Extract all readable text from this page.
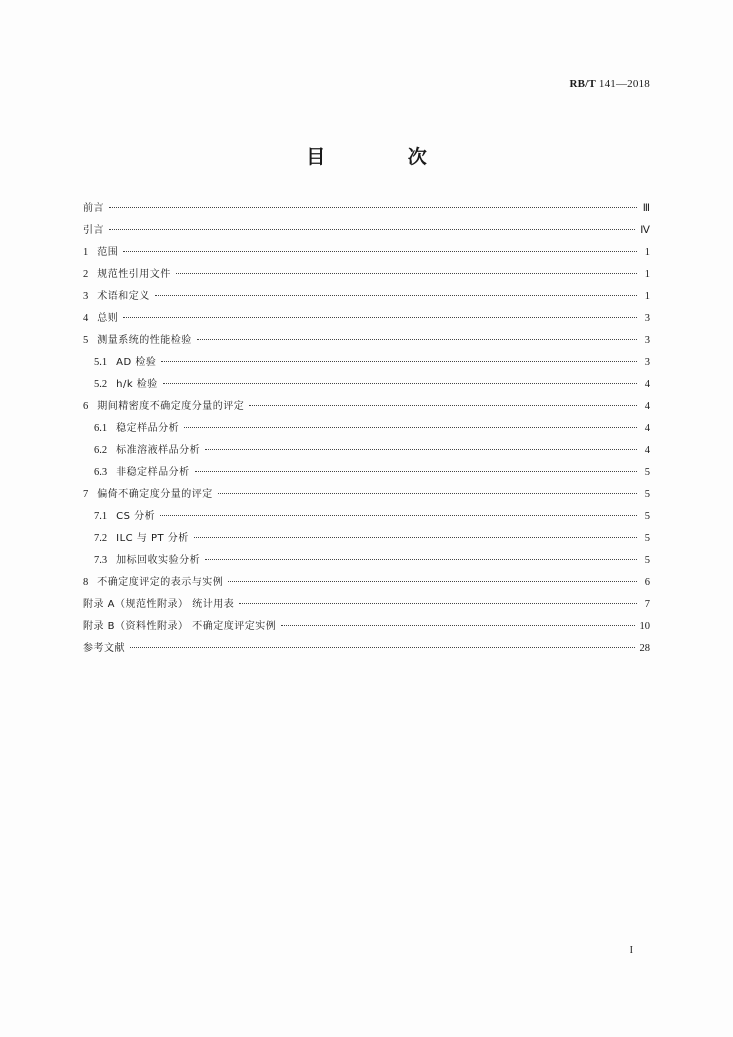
RB/T 141—2018
目 次
前言	Ⅲ
引言	Ⅳ
1 范围	1
2 规范性引用文件	1
3 术语和定义	1
4 总则	3
5 测量系统的性能检验	3
5.1 AD 检验	3
5.2 h/k 检验	4
6 期间精密度不确定度分量的评定	4
6.1 稳定样品分析	4
6.2 标准溶液样品分析	4
6.3 非稳定样品分析	5
7 偏倚不确定度分量的评定	5
7.1 CS 分析	5
7.2 ILC 与 PT 分析	5
7.3 加标回收实验分析	5
8 不确定度评定的表示与实例	6
附录 A（规范性附录） 统计用表	7
附录 B（资料性附录） 不确定度评定实例	10
参考文献	28
I
